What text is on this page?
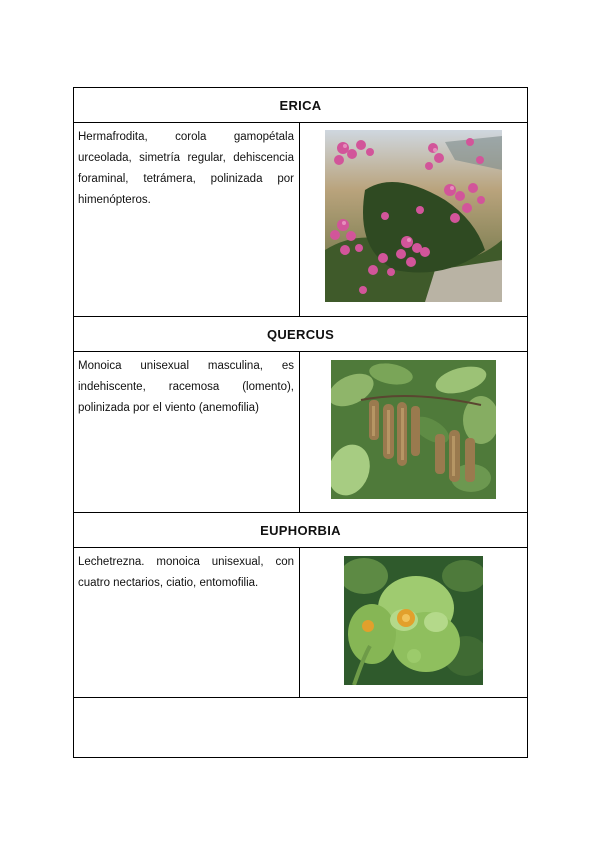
ERICA
Hermafrodita, corola gamopétala urceolada, simetría regular, dehiscencia foraminal, tetrámera, polinizada por himenópteros.
QUERCUS
Monoica unisexual masculina, es indehiscente, racemosa (lomento), polinizada por el viento (anemofilia)
EUPHORBIA
Lechetrezna. monoica unisexual, con cuatro nectarios, ciatio, entomofilia.
